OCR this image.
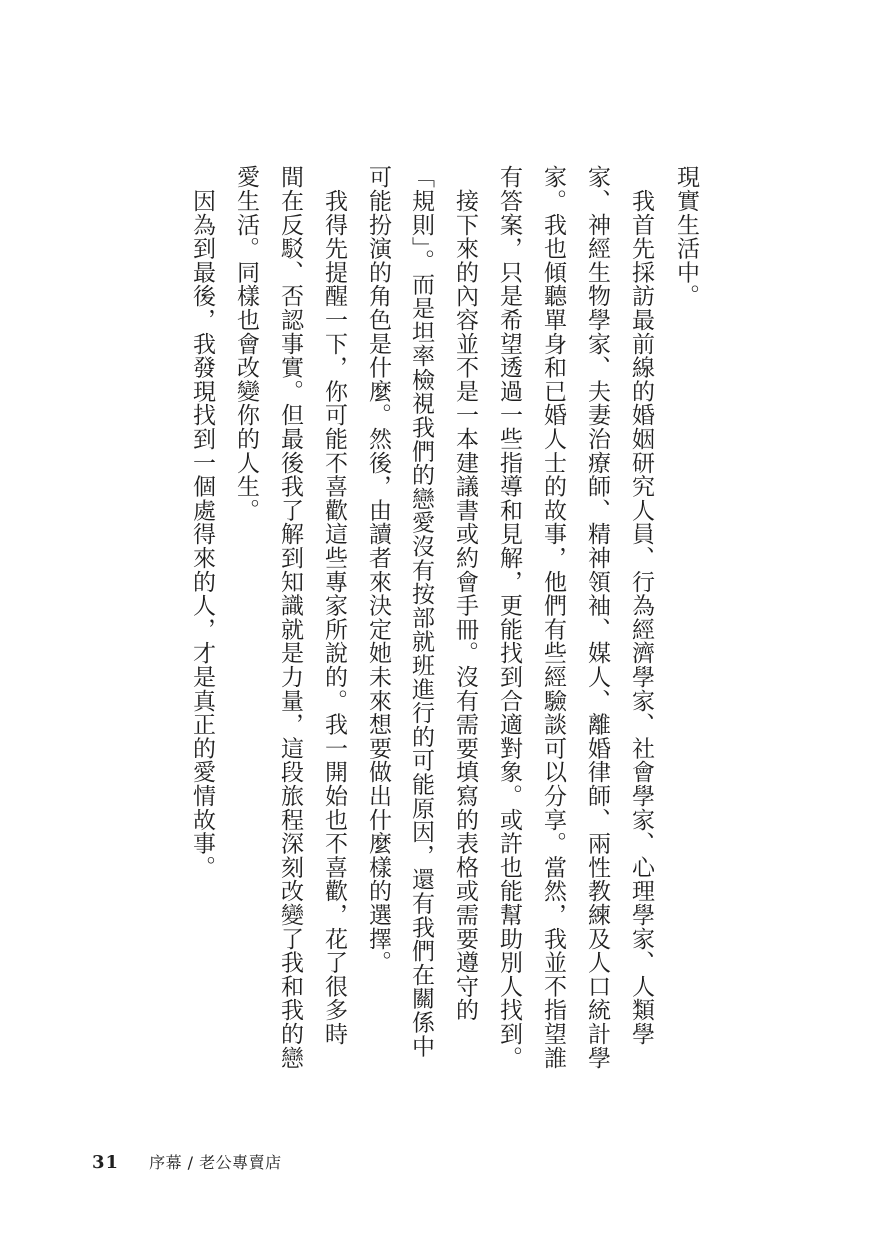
現實生活中。
　我首先採訪最前線的婚姻研究人員、行為經濟學家、社會學家、心理學家、人類學
家、神經生物學家、夫妻治療師、精神領袖、媒人、離婚律師、兩性教練及人口統計學
家。我也傾聽單身和已婚人士的故事，他們有些經驗談可以分享。當然，我並不指望誰
有答案，只是希望透過一些指導和見解，更能找到合適對象。或許也能幫助別人找到。
　接下來的內容並不是一本建議書或約會手冊。沒有需要填寫的表格或需要遵守的
「規則」。而是坦率檢視我們的戀愛沒有按部就班進行的可能原因，還有我們在關係中
可能扮演的角色是什麼。然後，由讀者來決定她未來想要做出什麼樣的選擇。
　我得先提醒一下，你可能不喜歡這些專家所說的。我一開始也不喜歡，花了很多時
間在反駁、否認事實。但最後我了解到知識就是力量，這段旅程深刻改變了我和我的戀
愛生活。同樣也會改變你的人生。
　因為到最後，我發現找到一個處得來的人，才是真正的愛情故事。
31 序幕 / 老公專賣店
